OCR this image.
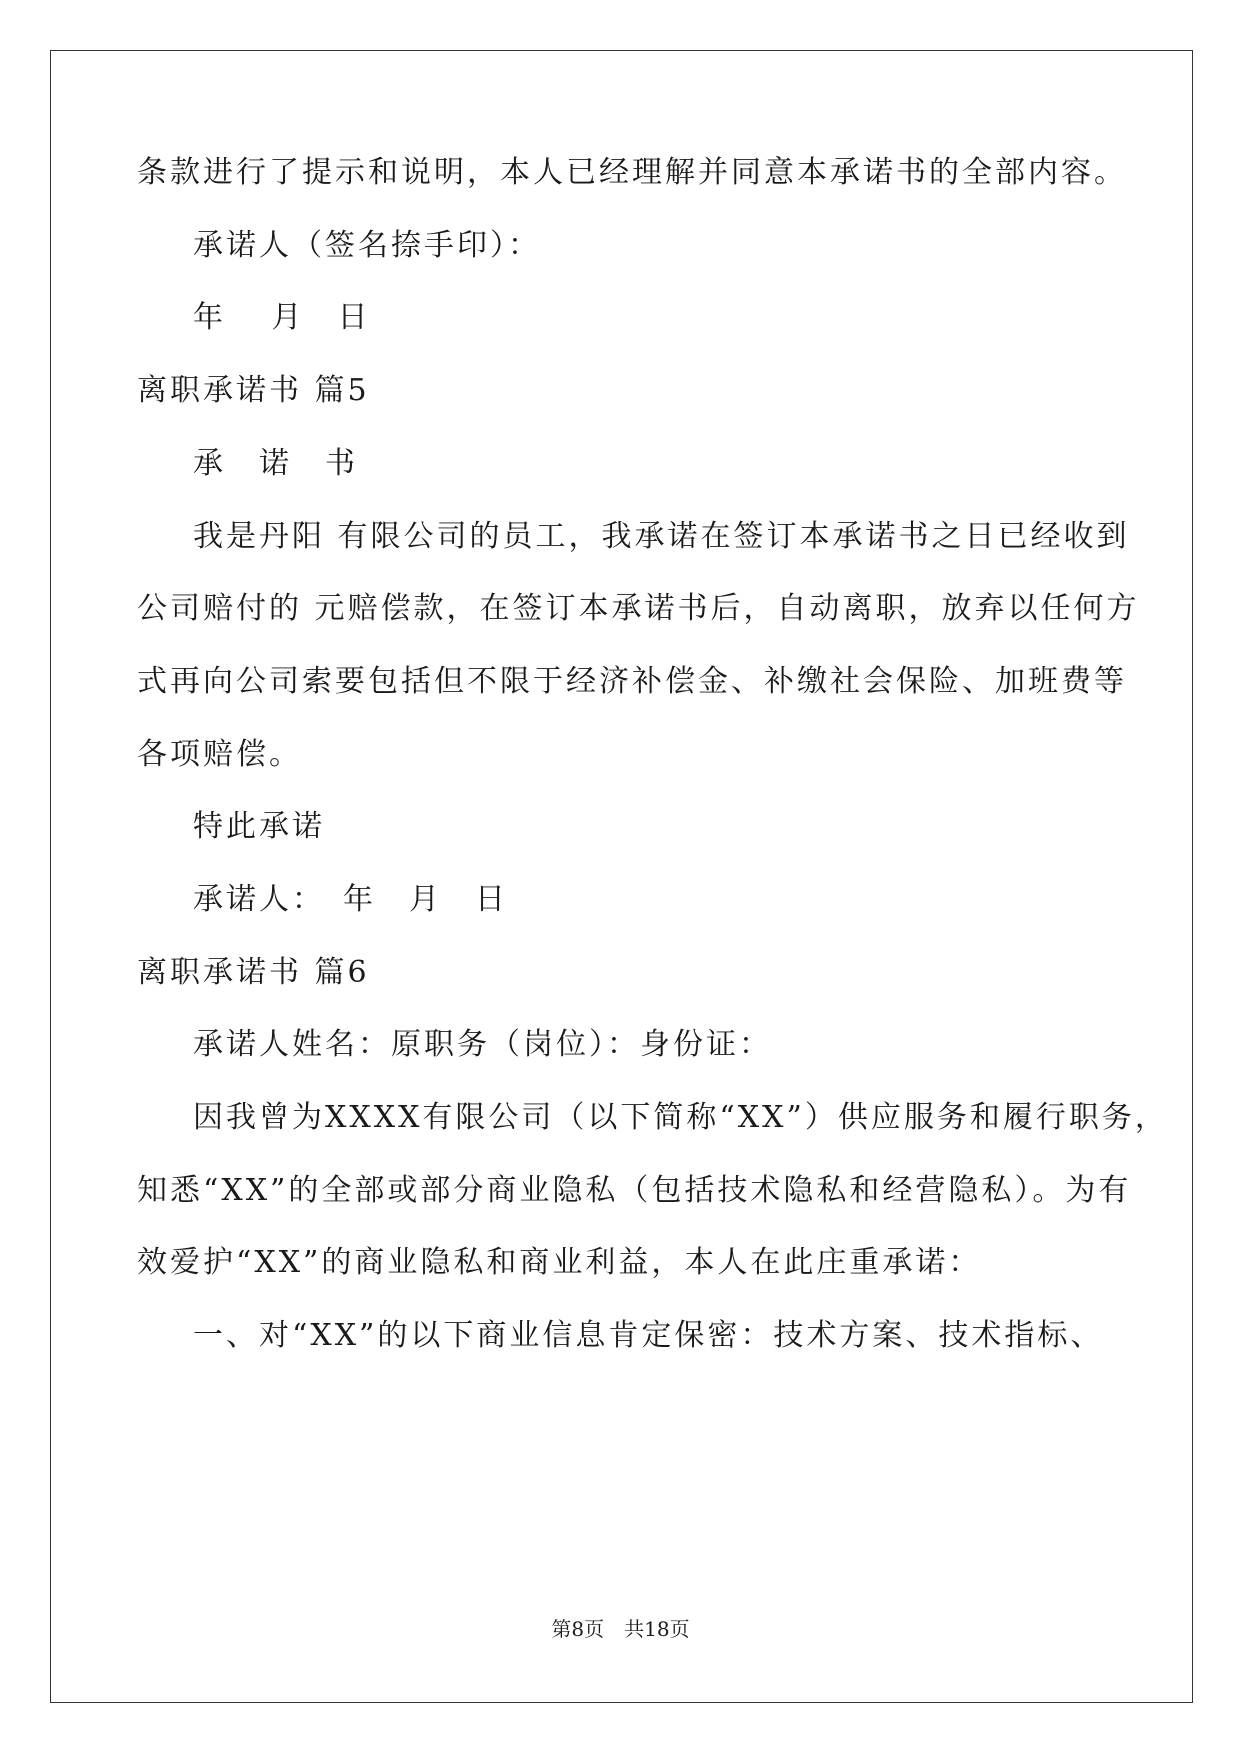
条款进行了提示和说明，本人已经理解并同意本承诺书的全部内容。
承诺人（签名捺手印）：
年　 月　日
离职承诺书 篇5
承　诺　书
我是丹阳 有限公司的员工，我承诺在签订本承诺书之日已经收到
公司赔付的 元赔偿款，在签订本承诺书后，自动离职，放弃以任何方
式再向公司索要包括但不限于经济补偿金、补缴社会保险、加班费等
各项赔偿。
特此承诺
承诺人：　年　月　日
离职承诺书 篇6
承诺人姓名：原职务（岗位）：身份证：
因我曾为XXXX有限公司（以下简称“XX”）供应服务和履行职务，
知悉“XX”的全部或部分商业隐私（包括技术隐私和经营隐私）。为有
效爱护“XX”的商业隐私和商业利益，本人在此庄重承诺：
一、对“XX”的以下商业信息肯定保密：技术方案、技术指标、
第8页　共18页
